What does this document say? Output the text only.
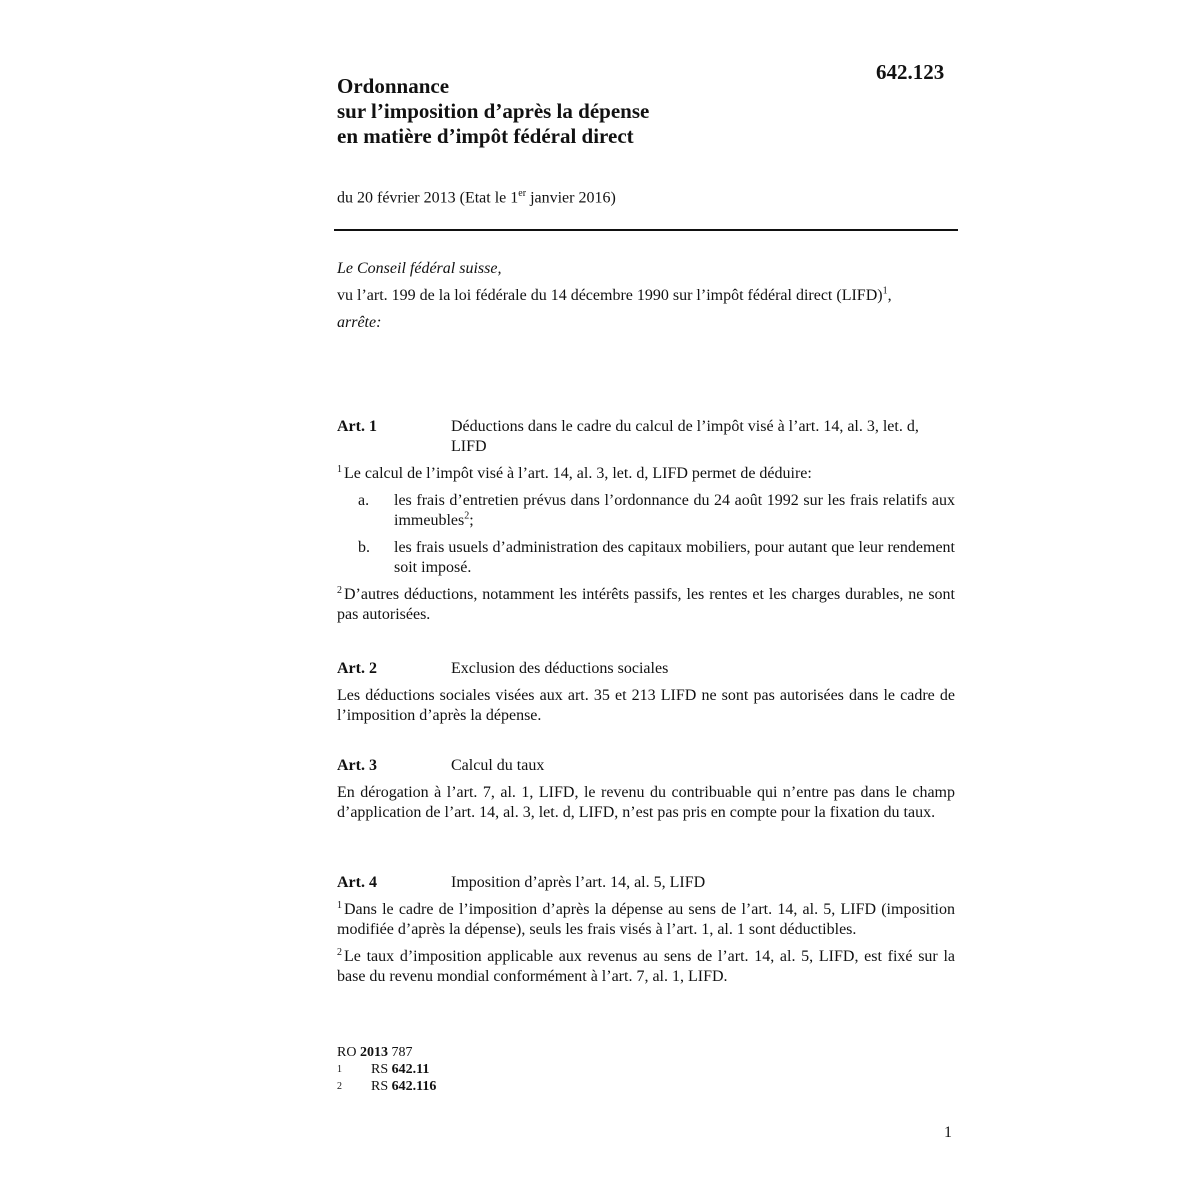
642.123
Ordonnance
sur l’imposition d’après la dépense
en matière d’impôt fédéral direct
du 20 février 2013 (Etat le 1er janvier 2016)

Le Conseil fédéral suisse,

vu l’art. 199 de la loi fédérale du 14 décembre 1990 sur l’impôt fédéral direct (LIFD)$^1$,

arrête:

Art. 1	Déductions dans le cadre du calcul de l’impôt visé à l’art. 14, al. 3, let. d, LIFD

$^1$ Le calcul de l’impôt visé à l’art. 14, al. 3, let. d, LIFD permet de déduire:

a.	les frais d’entretien prévus dans l’ordonnance du 24 août 1992 sur les frais relatifs aux immeubles$^2$;
b.	les frais usuels d’administration des capitaux mobiliers, pour autant que leur rendement soit imposé.

$^2$ D’autres déductions, notamment les intérêts passifs, les rentes et les charges durables, ne sont pas autorisées.

Art. 2	Exclusion des déductions sociales

Les déductions sociales visées aux art. 35 et 213 LIFD ne sont pas autorisées dans le cadre de l’imposition d’après la dépense.

Art. 3	Calcul du taux

En dérogation à l’art. 7, al. 1, LIFD, le revenu du contribuable qui n’entre pas dans le champ d’application de l’art. 14, al. 3, let. d, LIFD, n’est pas pris en compte pour la fixation du taux.

Art. 4	Imposition d’après l’art. 14, al. 5, LIFD

$^1$ Dans le cadre de l’imposition d’après la dépense au sens de l’art. 14, al. 5, LIFD (imposition modifiée d’après la dépense), seuls les frais visés à l’art. 1, al. 1 sont déductibles.

$^2$ Le taux d’imposition applicable aux revenus au sens de l’art. 14, al. 5, LIFD, est fixé sur la base du revenu mondial conformément à l’art. 7, al. 1, LIFD.

RO 2013 787
1	RS 642.11
2	RS 642.116
1
